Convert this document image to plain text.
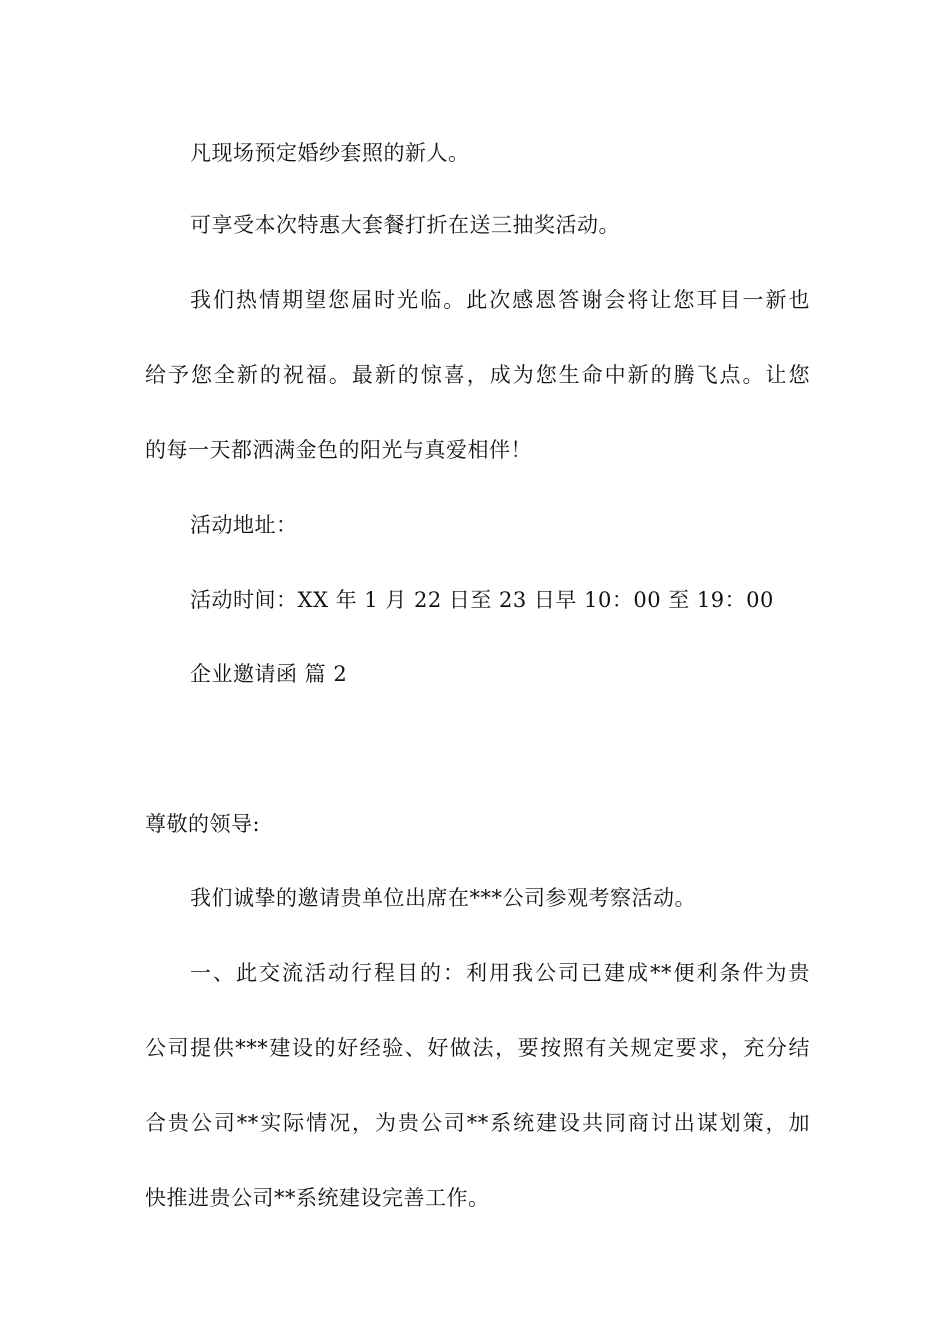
凡现场预定婚纱套照的新人。
可享受本次特惠大套餐打折在送三抽奖活动。
我们热情期望您届时光临。此次感恩答谢会将让您耳目一新也
给予您全新的祝福。最新的惊喜，成为您生命中新的腾飞点。让您
的每一天都洒满金色的阳光与真爱相伴！
活动地址：
活动时间：XX 年 1 月 22 日至 23 日早 10：00 至 19：00
企业邀请函 篇 2
尊敬的领导:
我们诚挚的邀请贵单位出席在***公司参观考察活动。
一、此交流活动行程目的：利用我公司已建成**便利条件为贵
公司提供***建设的好经验、好做法，要按照有关规定要求，充分结
合贵公司**实际情况，为贵公司**系统建设共同商讨出谋划策，加
快推进贵公司**系统建设完善工作。
